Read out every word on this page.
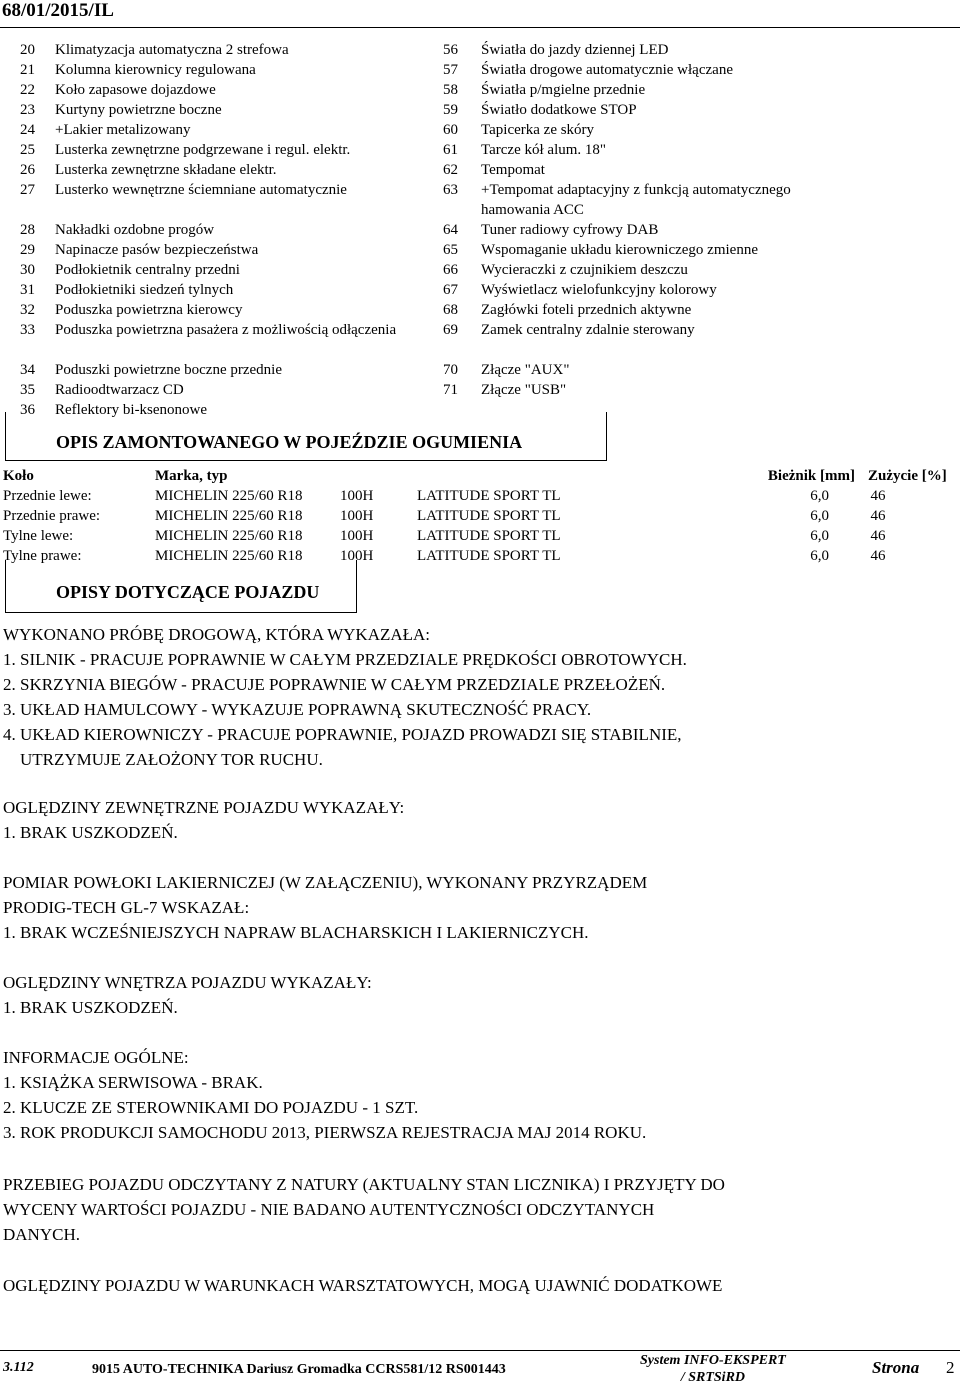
68/01/2015/IL
20 Klimatyzacja automatyczna 2 strefowa
21 Kolumna kierownicy regulowana
22 Koło zapasowe dojazdowe
23 Kurtyny powietrzne boczne
24 +Lakier metalizowany
25 Lusterka zewnętrzne podgrzewane i regul. elektr.
26 Lusterka zewnętrzne składane elektr.
27 Lusterko wewnętrzne ściemniane automatycznie
28 Nakładki ozdobne progów
29 Napinacze pasów bezpieczeństwa
30 Podłokietnik centralny przedni
31 Podłokietniki siedzeń tylnych
32 Poduszka powietrzna kierowcy
33 Poduszka powietrzna pasażera z możliwością odłączenia
34 Poduszki powietrzne boczne przednie
35 Radioodtwarzacz CD
36 Reflektory bi-ksenonowe
56 Światła do jazdy dziennej LED
57 Światła drogowe automatycznie włączane
58 Światła p/mgielne przednie
59 Światło dodatkowe STOP
60 Tapicerka ze skóry
61 Tarcze kół alum. 18"
62 Tempomat
63 +Tempomat adaptacyjny z funkcją automatycznego hamowania ACC
64 Tuner radiowy cyfrowy DAB
65 Wspomaganie układu kierowniczego zmienne
66 Wycieraczki z czujnikiem deszczu
67 Wyświetlacz wielofunkcyjny kolorowy
68 Zagłówki foteli przednich aktywne
69 Zamek centralny zdalnie sterowany
70 Złącze "AUX"
71 Złącze "USB"
OPIS ZAMONTOWANEGO W POJEŹDZIE OGUMIENIA
Koło	Marka, typ	Bieżnik [mm] Zużycie [%]
Przednie lewe:	MICHELIN 225/60 R18	100H	LATITUDE SPORT TL	6,0	46
Przednie prawe:	MICHELIN 225/60 R18	100H	LATITUDE SPORT TL	6,0	46
Tylne lewe:	MICHELIN 225/60 R18	100H	LATITUDE SPORT TL	6,0	46
Tylne prawe:	MICHELIN 225/60 R18	100H	LATITUDE SPORT TL	6,0	46
OPISY DOTYCZĄCE POJAZDU
WYKONANO PRÓBĘ DROGOWĄ, KTÓRA WYKAZAŁA:
1. SILNIK - PRACUJE POPRAWNIE W CAŁYM PRZEDZIALE PRĘDKOŚCI OBROTOWYCH.
2. SKRZYNIA BIEGÓW - PRACUJE POPRAWNIE W CAŁYM PRZEDZIALE PRZEŁOŻEŃ.
3. UKŁAD HAMULCOWY - WYKAZUJE POPRAWNĄ SKUTECZNOŚĆ PRACY.
4. UKŁAD KIEROWNICZY - PRACUJE POPRAWNIE, POJAZD PROWADZI SIĘ STABILNIE,
UTRZYMUJE ZAŁOŻONY TOR RUCHU.
OGLĘDZINY ZEWNĘTRZNE POJAZDU WYKAZAŁY:
1. BRAK USZKODZEŃ.
POMIAR POWŁOKI LAKIERNICZEJ (W ZAŁĄCZENIU), WYKONANY PRZYRZĄDEM
PRODIG-TECH GL-7 WSKAZAŁ:
1. BRAK WCZEŚNIEJSZYCH NAPRAW BLACHARSKICH I LAKIERNICZYCH.
OGLĘDZINY WNĘTRZA POJAZDU WYKAZAŁY:
1. BRAK USZKODZEŃ.
INFORMACJE OGÓLNE:
1. KSIĄŻKA SERWISOWA - BRAK.
2. KLUCZE ZE STEROWNIKAMI DO POJAZDU - 1 SZT.
3. ROK PRODUKCJI SAMOCHODU 2013, PIERWSZA REJESTRACJA MAJ 2014 ROKU.
PRZEBIEG POJAZDU ODCZYTANY Z NATURY (AKTUALNY STAN LICZNIKA) I PRZYJĘTY DO
WYCENY WARTOŚCI POJAZDU - NIE BADANO AUTENTYCZNOŚCI ODCZYTANYCH
DANYCH.
OGLĘDZINY POJAZDU W WARUNKACH WARSZTATOWYCH, MOGĄ UJAWNIĆ DODATKOWE
3.112	9015 AUTO-TECHNIKA Dariusz Gromadka CCRS581/12 RS001443
System INFO-EKSPERT
/ SRTSiRD
Strona 2
